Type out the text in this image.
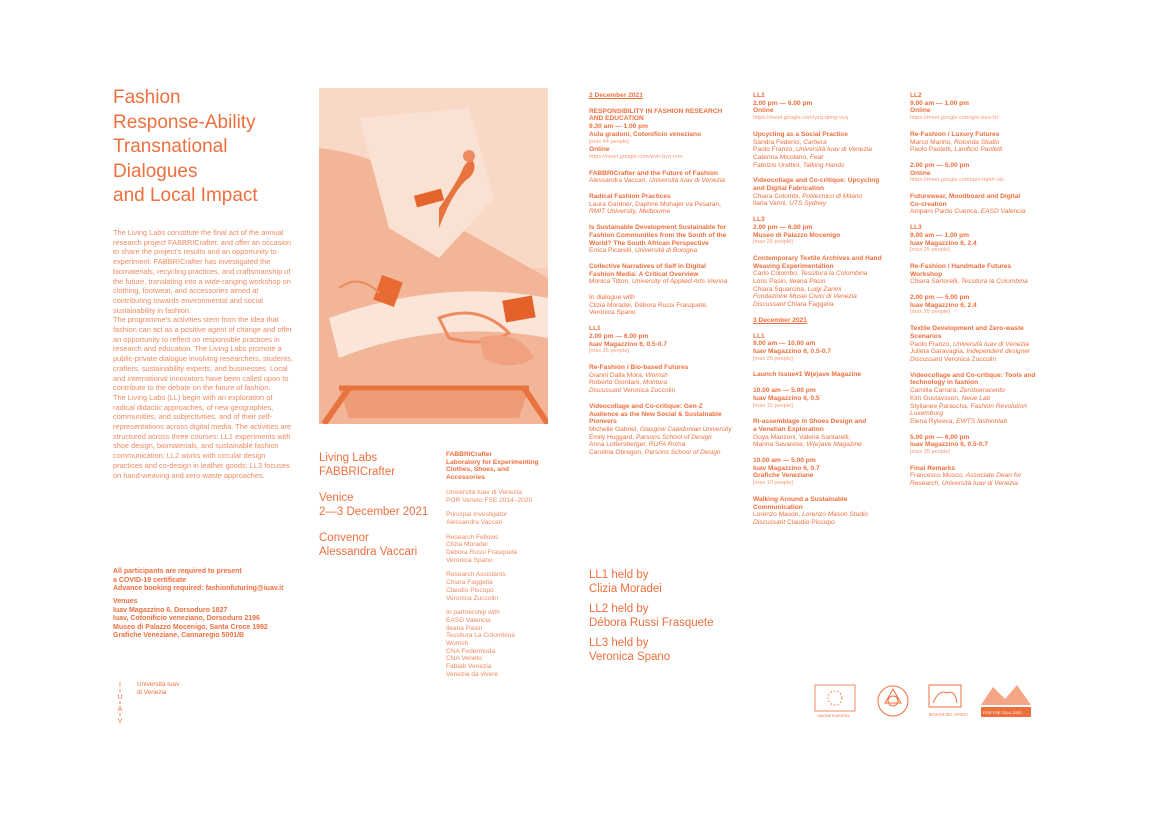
Fashion
Response-Ability
Transnational
Dialogues
and Local Impact

The Living Labs constitute the final act of the annual research project FABBRICrafter, and offer an occasion to share the project’s results and an opportunity to experiment. FABBRICrafter has investigated the biomaterials, recycling practices, and craftsmanship of the future, translating into a wide-ranging workshop on clothing, footwear, and accessories aimed at contributing towards environmental and social sustainability in fashion.

The programme’s activities stem from the idea that fashion can act as a positive agent of change and offer an opportunity to reflect on responsible practices in research and education. The Living Labs promote a public-private dialogue involving researchers, students, crafters, sustainability experts, and businesses. Local and international innovators have been called upon to contribute to the debate on the future of fashion.

The Living Labs (LL) begin with an exploration of radical didactic approaches, of new geographies, communities, and subjectivities, and of their self-representations across digital media. The activities are structured across three courses: LL1 experiments with shoe design, biomaterials, and sustainable fashion communication; LL2 works with circular design practices and co-design in leather goods; LL3 focuses on hand-weaving and zero-waste approaches.

All participants are required to present
a COVID-19 certificate
Advance booking required: fashionfuturing@iuav.it
Venues
Iuav Magazzino 6, Dorsoduro 1827
Iuav, Cotonificio veneziano, Dorsoduro 2196
Museo di Palazzo Mocenigo, Santa Croce 1992
Grafiche Veneziane, Cannaregio 5001/B
I
U
A
V
Università Iuav
di Venezia
Living Labs
FABBRICrafter
Venice
2—3 December 2021
Convenor
Alessandra Vaccari
FABBRICrafter
Laboratory for Experimenting
Clothes, Shoes, and
Accessories
Università Iuav di Venezia
POR Veneto FSE 2014–2020
Principal Investigator
Alessandra Vaccari
Research Fellows
Clizia Moradei
Débora Russi Frasquete
Veronica Spano
Research Assistants
Chiara Faggella
Claudio Piscopo
Veronica Zuccolin
In partnership with
EASD Valencia
Ileana Pasin
Tessitura La Colombina
Womsh
CNA Federmoda
CNA Veneto
Fablab Venezia
Venezia da vivere
2 December 2021
RESPONSIBILITY IN FASHION RESEARCH
AND EDUCATION
9.30 am — 1.00 pm
Aula gradoni, Cotonificio veneziano
[max 44 people]
Online
https://meet.google.com/wvh-byrj-rvm
FABBRICrafter and the Future of Fashion
Alessandra Vaccari, Università Iuav di Venezia
Radical Fashion Practices
Laura Gardner, Daphne Mohajer va Pesaran,
RMIT University, Melbourne
Is Sustainable Development Sustainable for
Fashion Communities from the South of the
World? The South African Perspective
Errica Picarelli, Università di Bologna
Collective Narratives of Self in Digital
Fashion Media: A Critical Overview
Monica Titton, University of Applied Arts Vienna
In dialogue with
Clizia Moradei, Débora Russi Frasquete,
Veronica Spano
LL1
2.00 pm — 6.00 pm
Iuav Magazzino 6, 0.5-0.7
[max 25 people]
Re-Fashion / Bio-based Futures
Gianni Dalla Mora, Womsh
Roberto Giordani, Montura
Discussant Veronica Zuccolin
Videocollage and Co-critique: Gen-Z
Audience as the New Social & Sustainable
Pioneers
Michelle Gabriel, Glasgow Caledonian University
Emily Huggard, Parsons School of Design
Anna Lottersberger, RUFA Roma
Carolina Obregon, Parsons School of Design
LL2
2.00 pm — 6.00 pm
Online
https://meet.google.com/yzq-qtmg-vyq
Upcycling as a Social Practice
Sandra Federici, Cartiera
Paolo Franzo, Università Iuav di Venezia
Caterina Micolano, Feat
Fabrizio Urettini, Talking Hands
Videocollage and Co-critique: Upcycling
and Digital Fabrication
Chiara Colombi, Politecnico di Milano
Ilaria Vanni, UTS Sydney
LL3
2.00 pm — 6.00 pm
Museo di Palazzo Mocenigo
[max 25 people]
Contemporary Textile Archives and Hand
Weaving Experimentation
Carlo Colombo, Tessitura la Colombina
Loris Pasin, Ileana Pasin
Chiara Squarcina, Luigi Zanini
Fondazione Musei Civici di Venezia
Discussant Chiara Faggella
3 December 2021
LL1
9.00 am — 10.00 am
Iuav Magazzino 6, 0.5-0.7
[max 25 people]
Launch Issue#1 W(e)ave Magazine
10.00 am — 5.00 pm
Iuav Magazzino 6, 0.5
[max 15 people]
Ri-assemblage in Shoes Design and
a Venetian Exploration
Guya Manzoni, Valeria Santarelli,
Marina Savarese, W(e)ave Magazine
10.00 am — 5.00 pm
Iuav Magazzino 6, 0.7
Grafiche Veneziane
[max 10 people]
Walking Around a Sustainable
Communication
Lorenzo Mason, Lorenzo Mason Studio
Discussant Claudio Piscopo
LL2
9.00 am — 1.00 pm
Online
https://meet.google.com/gni-ixes-fzr
Re-Fashion / Luxury Futures
Marco Marino, Rotonda Studio
Paolo Paoletti, Lanificio Paoletti
2.00 pm — 5.00 pm
Online
https://meet.google.com/qzo-nqhh-uts
Futurewear, Moodboard and Digital
Co-creation
Amparo Pardo Cuenca, EASD Valencia
LL3
9.00 am — 1.00 pm
Iuav Magazzino 6, 2.4
[max 25 people]
Re-Fashion / Handmade Futures
Workshop
Chiara Sartorelli, Tessitura la Colombina
2.00 pm — 5.00 pm
Iuav Magazzino 6, 2.4
[max 25 people]
Textile Development and Zero-waste
Scenarios
Paolo Franzo, Università Iuav di Venezia
Julieta Garavaglia, Independent designer
Discussant Veronica Zuccolin
Videocollage and Co-critique: Tools and
technology in fashion
Camilla Carrara, Zerobarracento
Kim Gustavsson, Neue Lab
Stylianee Parascha, Fashion Revolution
Luxemburg
Elena Ryleeva, EWTS fashionlab
5.00 pm — 6.00 pm
Iuav Magazzino 6, 0.5-0.7
[max 35 people]
Final Remarks
Francesco Musco, Associate Dean for
Research, Università Iuav di Venezia
LL1 held by
Clizia Moradei
LL2 held by
Débora Russi Frasquete
LL3 held by
Veronica Spano
UNIONE EUROPEA	REGIONE DEL VENETO	POR FSE 2014–2020
